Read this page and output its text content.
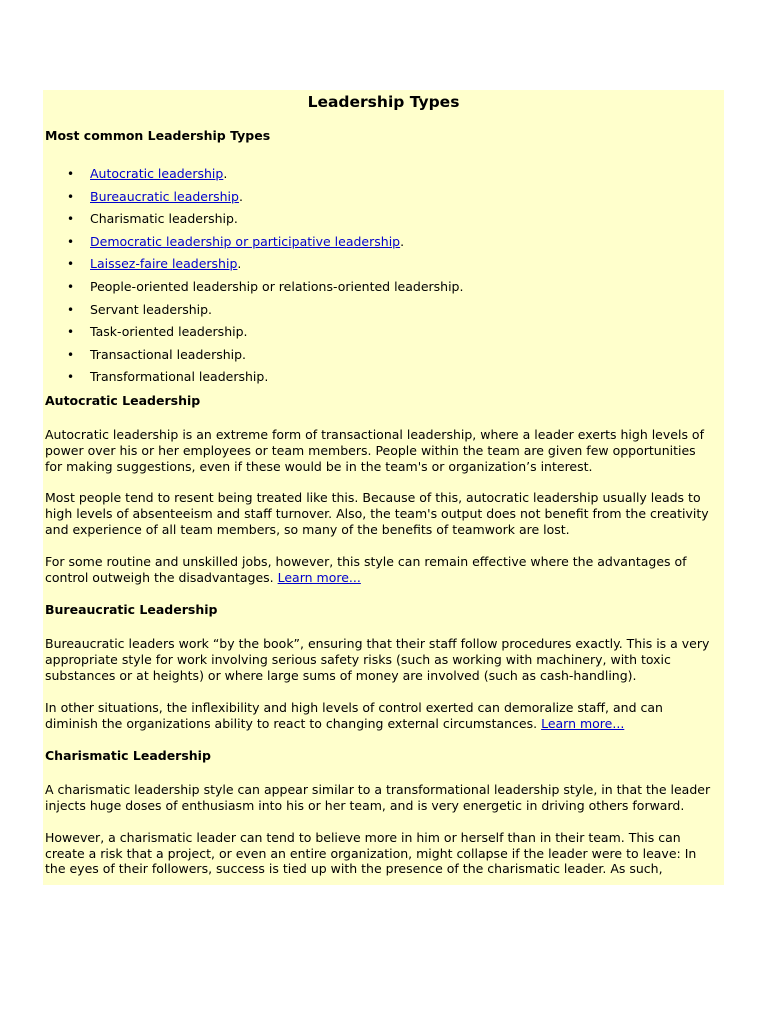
Leadership Types
Most common Leadership Types
• Autocratic leadership.
• Bureaucratic leadership.
• Charismatic leadership.
• Democratic leadership or participative leadership.
• Laissez-faire leadership.
• People-oriented leadership or relations-oriented leadership.
• Servant leadership.
• Task-oriented leadership.
• Transactional leadership.
• Transformational leadership.
Autocratic Leadership

Autocratic leadership is an extreme form of transactional leadership, where a leader exerts high levels of
power over his or her employees or team members. People within the team are given few opportunities
for making suggestions, even if these would be in the team's or organization’s interest.

Most people tend to resent being treated like this. Because of this, autocratic leadership usually leads to
high levels of absenteeism and staff turnover. Also, the team's output does not benefit from the creativity
and experience of all team members, so many of the benefits of teamwork are lost.

For some routine and unskilled jobs, however, this style can remain effective where the advantages of
control outweigh the disadvantages. Learn more...

Bureaucratic Leadership

Bureaucratic leaders work “by the book”, ensuring that their staff follow procedures exactly. This is a very
appropriate style for work involving serious safety risks (such as working with machinery, with toxic
substances or at heights) or where large sums of money are involved (such as cash-handling).

In other situations, the inflexibility and high levels of control exerted can demoralize staff, and can
diminish the organizations ability to react to changing external circumstances. Learn more...

Charismatic Leadership

A charismatic leadership style can appear similar to a transformational leadership style, in that the leader
injects huge doses of enthusiasm into his or her team, and is very energetic in driving others forward.

However, a charismatic leader can tend to believe more in him or herself than in their team. This can
create a risk that a project, or even an entire organization, might collapse if the leader were to leave: In
the eyes of their followers, success is tied up with the presence of the charismatic leader. As such,
